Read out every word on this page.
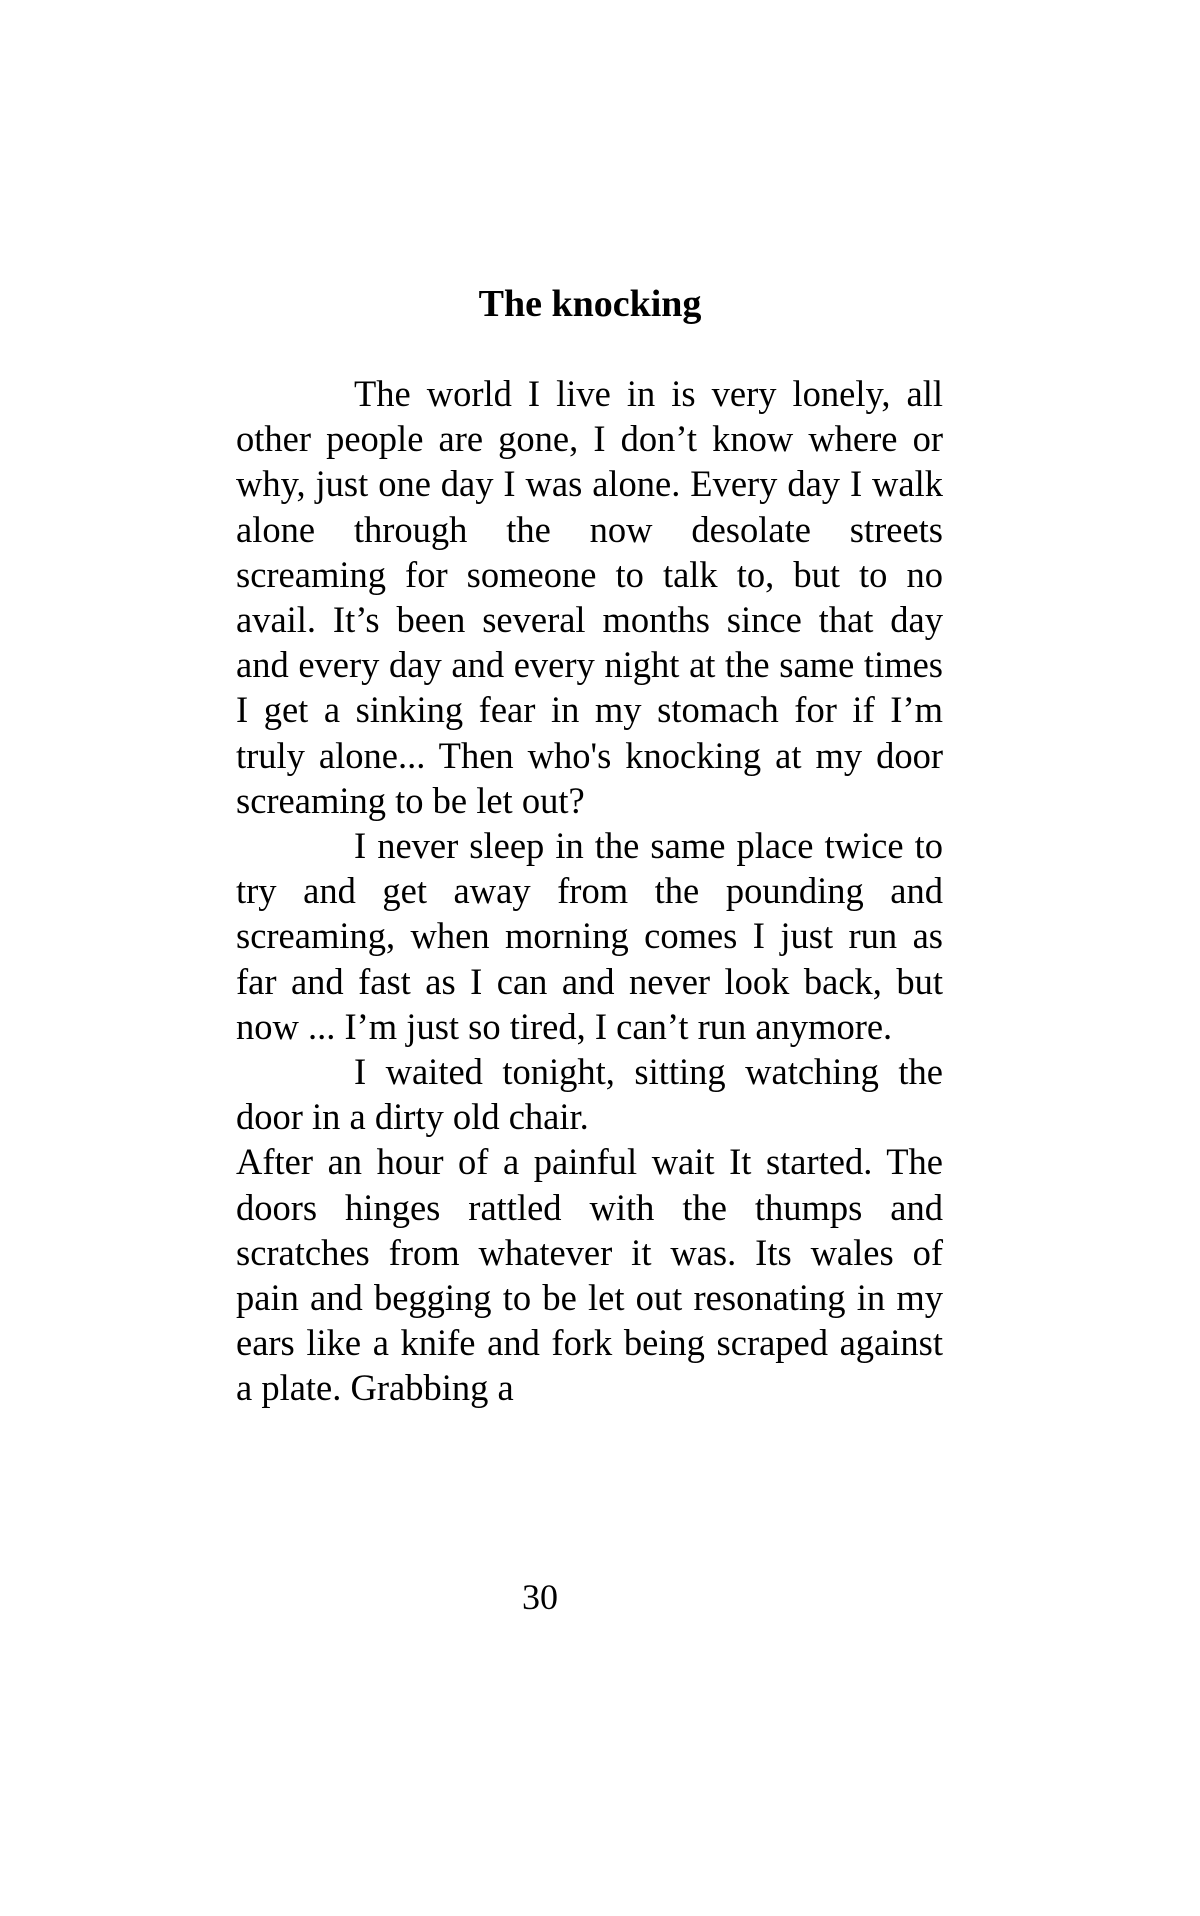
The knocking

The world I live in is very lonely, all other people are gone, I don’t know where or why, just one day I was alone. Every day I walk alone through the now desolate streets screaming for someone to talk to, but to no avail. It’s been several months since that day and every day and every night at the same times I get a sinking fear in my stomach for if I’m truly alone... Then who's knocking at my door screaming to be let out?

I never sleep in the same place twice to try and get away from the pounding and screaming, when morning comes I just run as far and fast as I can and never look back, but now ... I’m just so tired, I can’t run anymore.

I waited tonight, sitting watching the door in a dirty old chair.

After an hour of a painful wait It started. The doors hinges rattled with the thumps and scratches from whatever it was. Its wales of pain and begging to be let out resonating in my ears like a knife and fork being scraped against a plate. Grabbing a

30
